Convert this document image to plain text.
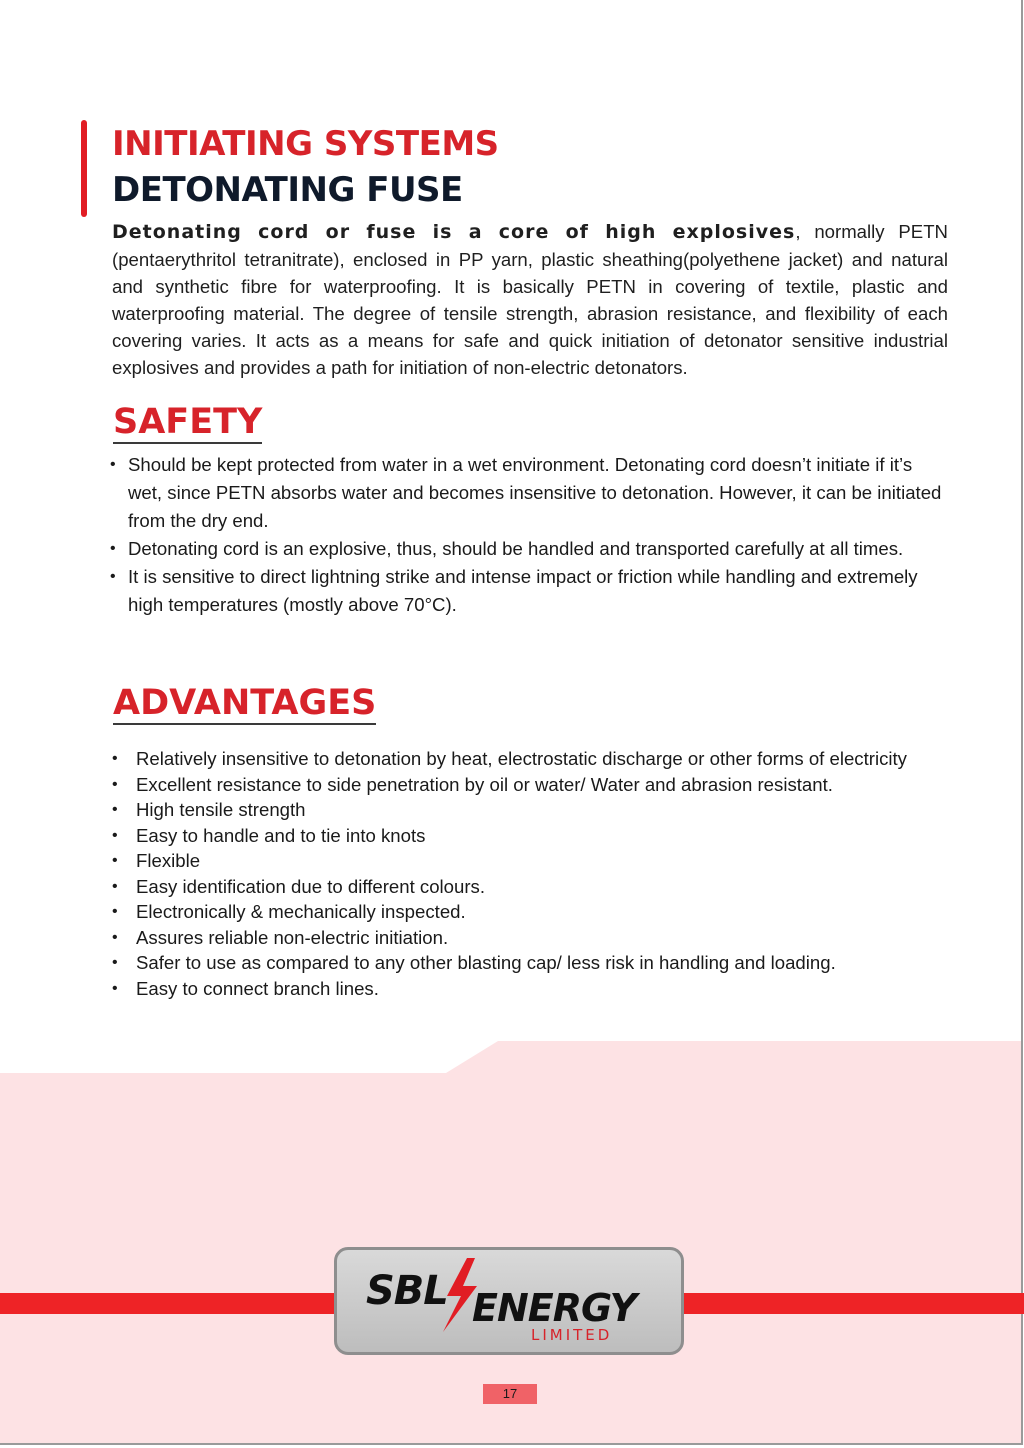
INITIATING SYSTEMS
DETONATING FUSE

Detonating cord or fuse is a core of high explosives, normally PETN (pentaerythritol tetranitrate), enclosed in PP yarn, plastic sheathing(polyethene jacket) and natural and synthetic fibre for waterproofing. It is basically PETN in covering of textile, plastic and waterproofing material. The degree of tensile strength, abrasion resistance, and flexibility of each covering varies. It acts as a means for safe and quick initiation of detonator sensitive industrial explosives and provides a path for initiation of non-electric detonators.

SAFETY
• Should be kept protected from water in a wet environment. Detonating cord doesn’t initiate if it’s wet, since PETN absorbs water and becomes insensitive to detonation. However, it can be initiated from the dry end.
• Detonating cord is an explosive, thus, should be handled and transported carefully at all times.
• It is sensitive to direct lightning strike and intense impact or friction while handling and extremely high temperatures (mostly above 70°C).
ADVANTAGES
• Relatively insensitive to detonation by heat, electrostatic discharge or other forms of electricity
• Excellent resistance to side penetration by oil or water/ Water and abrasion resistant.
• High tensile strength
• Easy to handle and to tie into knots
• Flexible
• Easy identification due to different colours.
• Electronically & mechanically inspected.
• Assures reliable non-electric initiation.
• Safer to use as compared to any other blasting cap/ less risk in handling and loading.
• Easy to connect branch lines.
SBL ENERGY
LIMITED
17
